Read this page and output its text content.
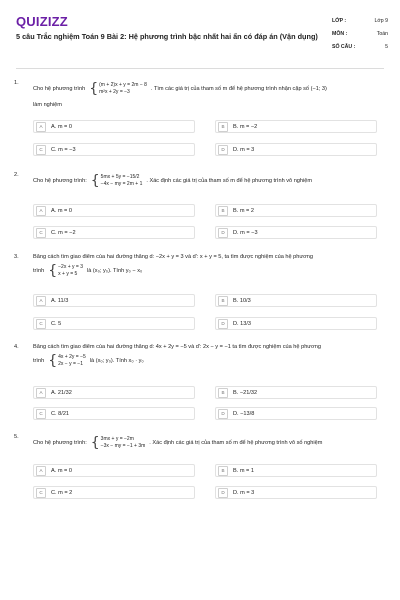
QUIZIZZ	LỚP :	Lớp 9
MÔN :	Toán
SỐ CÂU :	5
5 câu Trắc nghiệm Toán 9 Bài 2: Hệ phương trình bậc nhất hai ẩn có đáp án (Vận dụng)
1.
Cho hệ phương trình { (m + 2)x + y = 2m − 8
m²x + 2y = −3	. Tìm các giá trị của tham số m để hệ phương trình nhận cặp số (−1; 3)
làm nghiệm
A	A. m = 0	B	B. m = −2
C	C. m = −3	D	D. m = 3
2.
Cho hệ phương trình: { 5mx + 5y = −15/2
−4x − my = 2m + 1 . Xác định các giá trị của tham số m để hệ phương trình vô nghiệm
A	A. m = 0	B	B. m = 2
C	C. m = −2	D	D. m = −3
3.	Bằng cách tìm giao điểm của hai đường thẳng d: −2x + y = 3 và d': x + y = 5, ta tìm được nghiệm của hệ phương
trình { −2x + y = 3
x + y = 5	là (x₀; y₀). Tính y₀ − x₀
A	A. 11/3	B	B. 10/3
C	C. 5	D	D. 13/3
4.	Bằng cách tìm giao điểm của hai đường thẳng d: 4x + 2y = −5 và d': 2x − y = −1 ta tìm được nghiệm của hệ phương
trình { 4x + 2y = −5
2x − y = −1	là (x₀; y₀). Tính x₀ · y₀
A	A. 21/32	B	B. −21/32
C	C. 8/21	D	D. −13/8
5.
Cho hệ phương trình: { 3mx + y = −2m
−3x − my = −1 + 3m . Xác định các giá trị của tham số m để hệ phương trình vô số nghiệm
A	A. m = 0	B	B. m = 1
C	C. m = 2	D	D. m = 3
